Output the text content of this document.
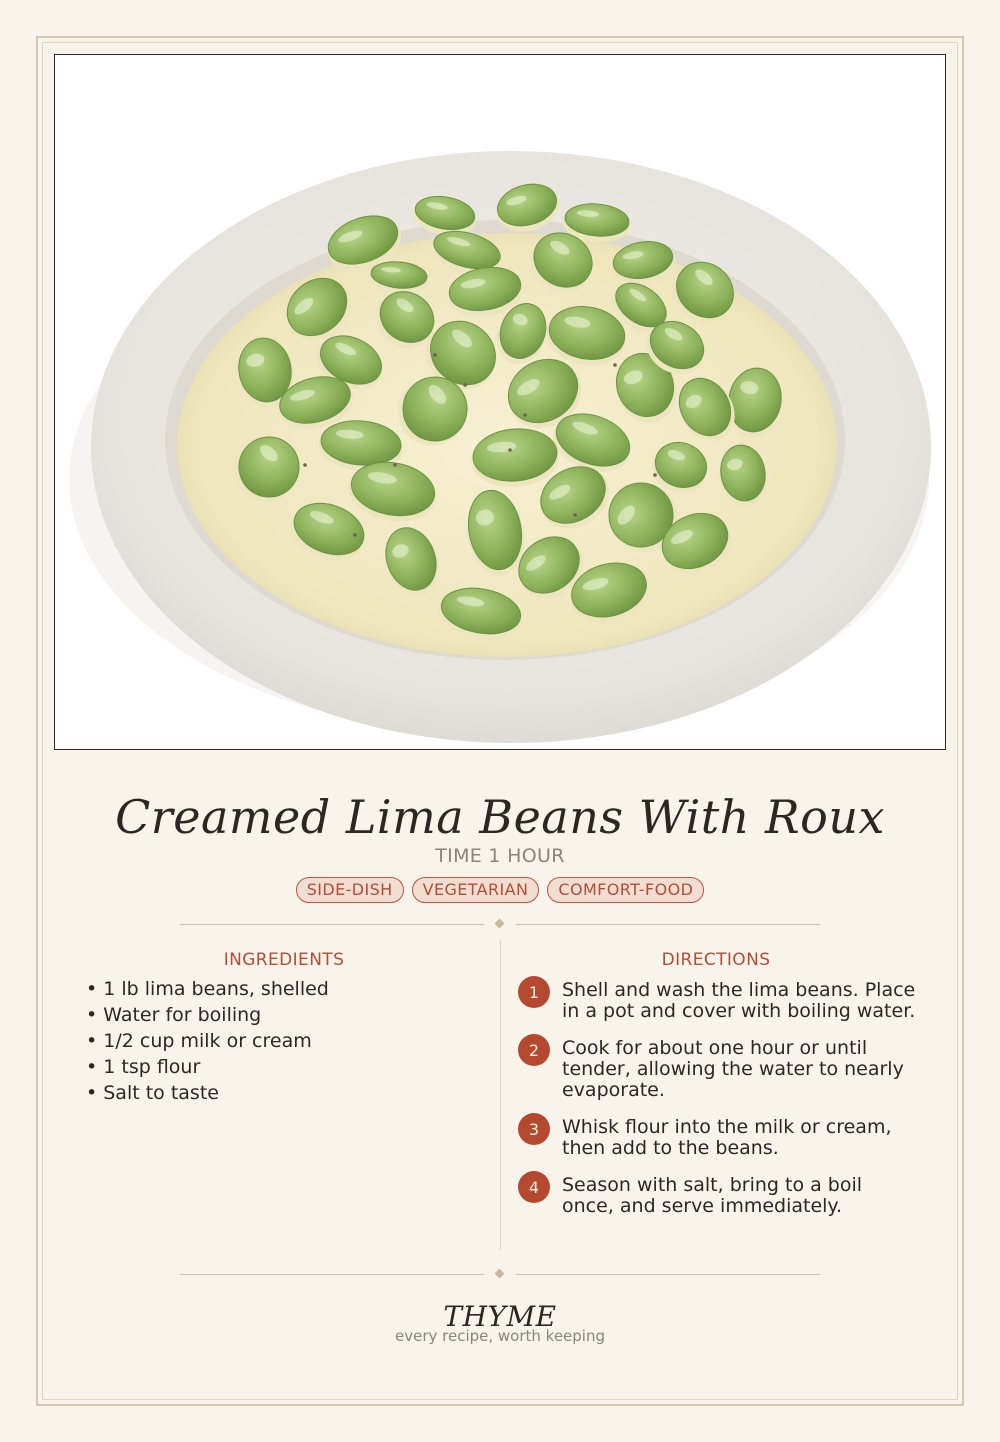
Creamed Lima Beans With Roux
TIME 1 HOUR
SIDE-DISH	VEGETARIAN	COMFORT-FOOD
INGREDIENTS
• 1 lb lima beans, shelled
• Water for boiling
• 1/2 cup milk or cream
• 1 tsp flour
• Salt to taste
DIRECTIONS
1	Shell and wash the lima beans. Place in a pot and cover with boiling water.
2	Cook for about one hour or until tender, allowing the water to nearly evaporate.
3	Whisk flour into the milk or cream, then add to the beans.
4	Season with salt, bring to a boil once, and serve immediately.
THYME
every recipe, worth keeping
